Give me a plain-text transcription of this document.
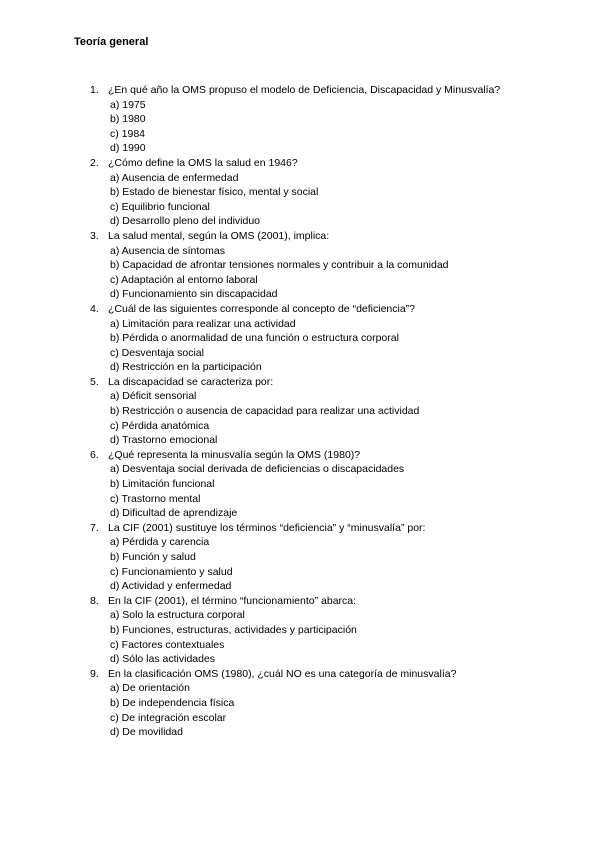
Teoría general
1. ¿En qué año la OMS propuso el modelo de Deficiencia, Discapacidad y Minusvalía?
a) 1975
b) 1980
c) 1984
d) 1990
2. ¿Cómo define la OMS la salud en 1946?
a) Ausencia de enfermedad
b) Estado de bienestar físico, mental y social
c) Equilibrio funcional
d) Desarrollo pleno del individuo
3. La salud mental, según la OMS (2001), implica:
a) Ausencia de síntomas
b) Capacidad de afrontar tensiones normales y contribuir a la comunidad
c) Adaptación al entorno laboral
d) Funcionamiento sin discapacidad
4. ¿Cuál de las siguientes corresponde al concepto de “deficiencia”?
a) Limitación para realizar una actividad
b) Pérdida o anormalidad de una función o estructura corporal
c) Desventaja social
d) Restricción en la participación
5. La discapacidad se caracteriza por:
a) Déficit sensorial
b) Restricción o ausencia de capacidad para realizar una actividad
c) Pérdida anatómica
d) Trastorno emocional
6. ¿Qué representa la minusvalía según la OMS (1980)?
a) Desventaja social derivada de deficiencias o discapacidades
b) Limitación funcional
c) Trastorno mental
d) Dificultad de aprendizaje
7. La CIF (2001) sustituye los términos “deficiencia” y “minusvalía” por:
a) Pérdida y carencia
b) Función y salud
c) Funcionamiento y salud
d) Actividad y enfermedad
8. En la CIF (2001), el término “funcionamiento” abarca:
a) Solo la estructura corporal
b) Funciones, estructuras, actividades y participación
c) Factores contextuales
d) Sólo las actividades
9. En la clasificación OMS (1980), ¿cuál NO es una categoría de minusvalía?
a) De orientación
b) De independencia física
c) De integración escolar
d) De movilidad
